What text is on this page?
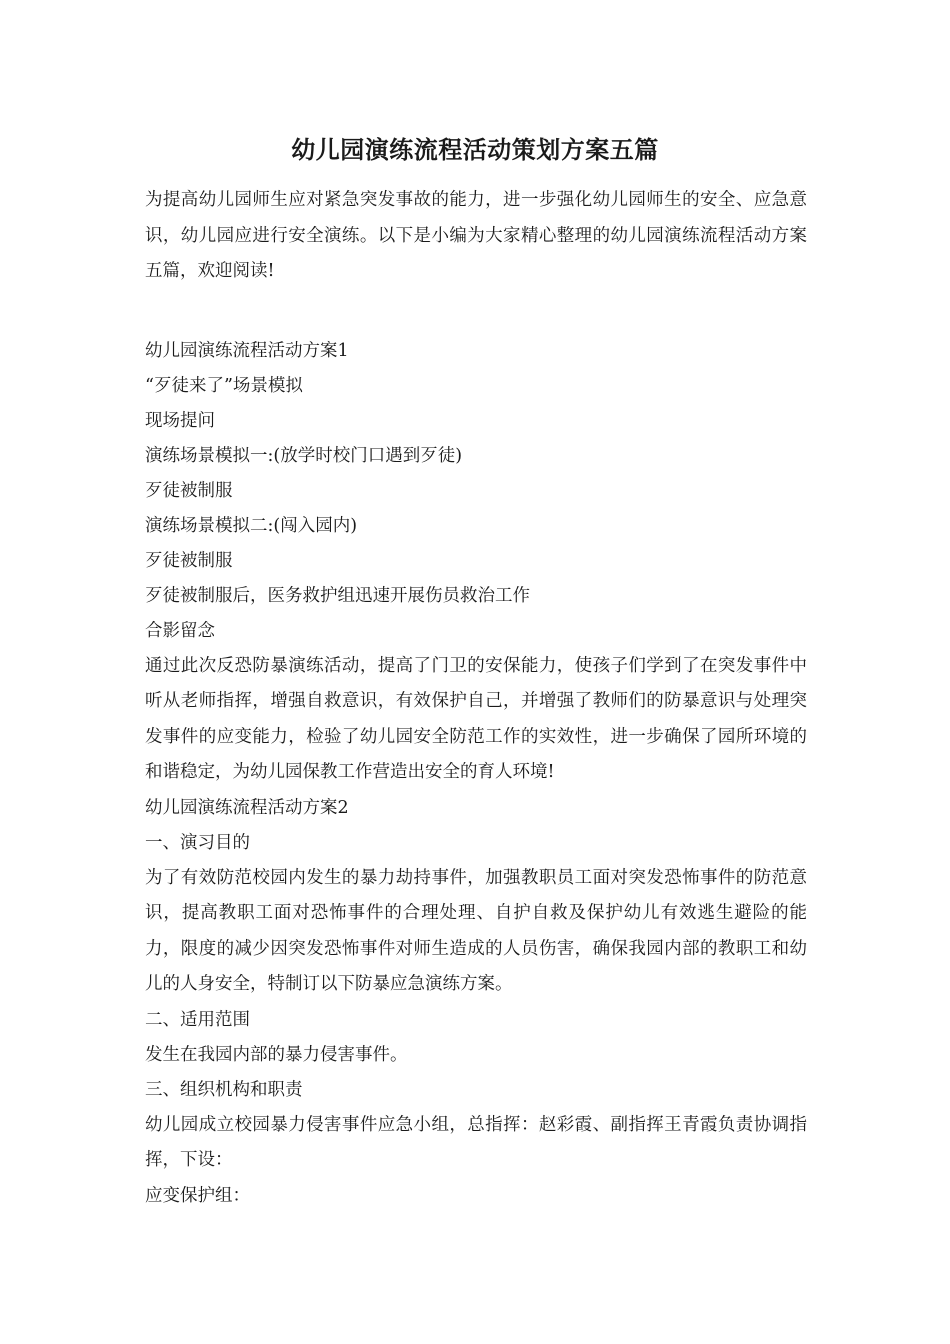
幼儿园演练流程活动策划方案五篇

为提高幼儿园师生应对紧急突发事故的能力，进一步强化幼儿园师生的安全、应急意识，幼儿园应进行安全演练。以下是小编为大家精心整理的幼儿园演练流程活动方案五篇，欢迎阅读!

幼儿园演练流程活动方案1

“歹徒来了”场景模拟

现场提问

演练场景模拟一:(放学时校门口遇到歹徒)

歹徒被制服

演练场景模拟二:(闯入园内)

歹徒被制服

歹徒被制服后，医务救护组迅速开展伤员救治工作

合影留念

通过此次反恐防暴演练活动，提高了门卫的安保能力，使孩子们学到了在突发事件中听从老师指挥，增强自救意识，有效保护自己，并增强了教师们的防暴意识与处理突发事件的应变能力，检验了幼儿园安全防范工作的实效性，进一步确保了园所环境的和谐稳定，为幼儿园保教工作营造出安全的育人环境!

幼儿园演练流程活动方案2

一、演习目的

为了有效防范校园内发生的暴力劫持事件，加强教职员工面对突发恐怖事件的防范意识，提高教职工面对恐怖事件的合理处理、自护自救及保护幼儿有效逃生避险的能力，限度的减少因突发恐怖事件对师生造成的人员伤害，确保我园内部的教职工和幼儿的人身安全，特制订以下防暴应急演练方案。

二、适用范围

发生在我园内部的暴力侵害事件。

三、组织机构和职责

幼儿园成立校园暴力侵害事件应急小组，总指挥：赵彩霞、副指挥王青霞负责协调指挥，下设：

应变保护组：
